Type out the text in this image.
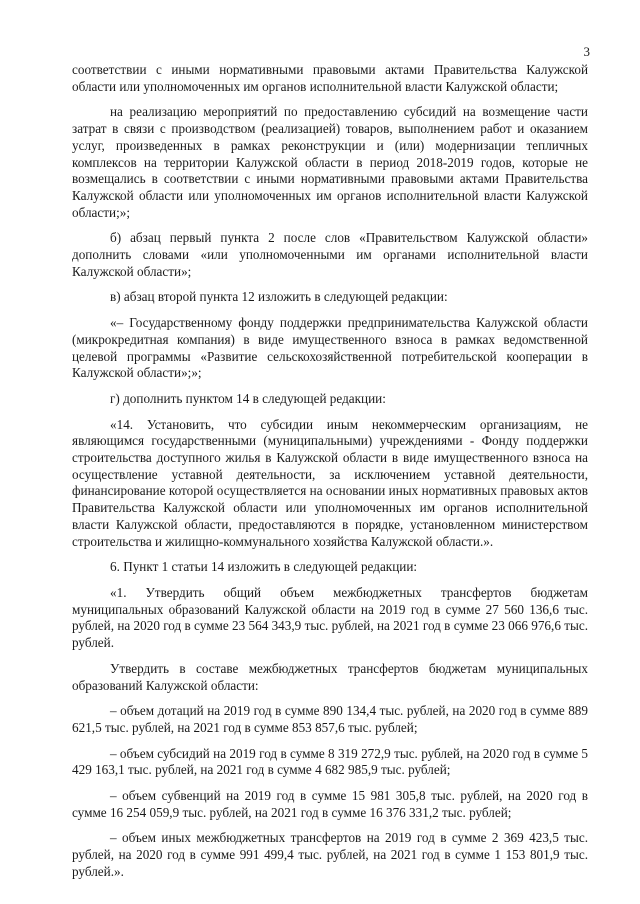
3

соответствии с иными нормативными правовыми актами Правительства Калужской области или уполномоченных им органов исполнительной власти Калужской области;

на реализацию мероприятий по предоставлению субсидий на возмещение части затрат в связи с производством (реализацией) товаров, выполнением работ и оказанием услуг, произведенных в рамках реконструкции и (или) модернизации тепличных комплексов на территории Калужской области в период 2018-2019 годов, которые не возмещались в соответствии с иными нормативными правовыми актами Правительства Калужской области или уполномоченных им органов исполнительной власти Калужской области;»;

б) абзац первый пункта 2 после слов «Правительством Калужской области» дополнить словами «или уполномоченными им органами исполнительной власти Калужской области»;

в) абзац второй пункта 12 изложить в следующей редакции:

«– Государственному фонду поддержки предпринимательства Калужской области (микрокредитная компания) в виде имущественного взноса в рамках ведомственной целевой программы «Развитие сельскохозяйственной потребительской кооперации в Калужской области»;»;

г) дополнить пунктом 14 в следующей редакции:

«14. Установить, что субсидии иным некоммерческим организациям, не являющимся государственными (муниципальными) учреждениями - Фонду поддержки строительства доступного жилья в Калужской области в виде имущественного взноса на осуществление уставной деятельности, за исключением уставной деятельности, финансирование которой осуществляется на основании иных нормативных правовых актов Правительства Калужской области или уполномоченных им органов исполнительной власти Калужской области, предоставляются в порядке, установленном министерством строительства и жилищно-коммунального хозяйства Калужской области.».

6. Пункт 1 статьи 14 изложить в следующей редакции:

«1. Утвердить общий объем межбюджетных трансфертов бюджетам муниципальных образований Калужской области на 2019 год в сумме 27 560 136,6 тыс. рублей, на 2020 год в сумме 23 564 343,9 тыс. рублей, на 2021 год в сумме 23 066 976,6 тыс. рублей.

Утвердить в составе межбюджетных трансфертов бюджетам муниципальных образований Калужской области:

– объем дотаций на 2019 год в сумме 890 134,4 тыс. рублей, на 2020 год в сумме 889 621,5 тыс. рублей, на 2021 год в сумме 853 857,6 тыс. рублей;

– объем субсидий на 2019 год в сумме 8 319 272,9 тыс. рублей, на 2020 год в сумме 5 429 163,1 тыс. рублей, на 2021 год в сумме 4 682 985,9 тыс. рублей;

– объем субвенций на 2019 год в сумме 15 981 305,8 тыс. рублей, на 2020 год в сумме 16 254 059,9 тыс. рублей, на 2021 год в сумме 16 376 331,2 тыс. рублей;

– объем иных межбюджетных трансфертов на 2019 год в сумме 2 369 423,5 тыс. рублей, на 2020 год в сумме 991 499,4 тыс. рублей, на 2021 год в сумме 1 153 801,9 тыс. рублей.».
